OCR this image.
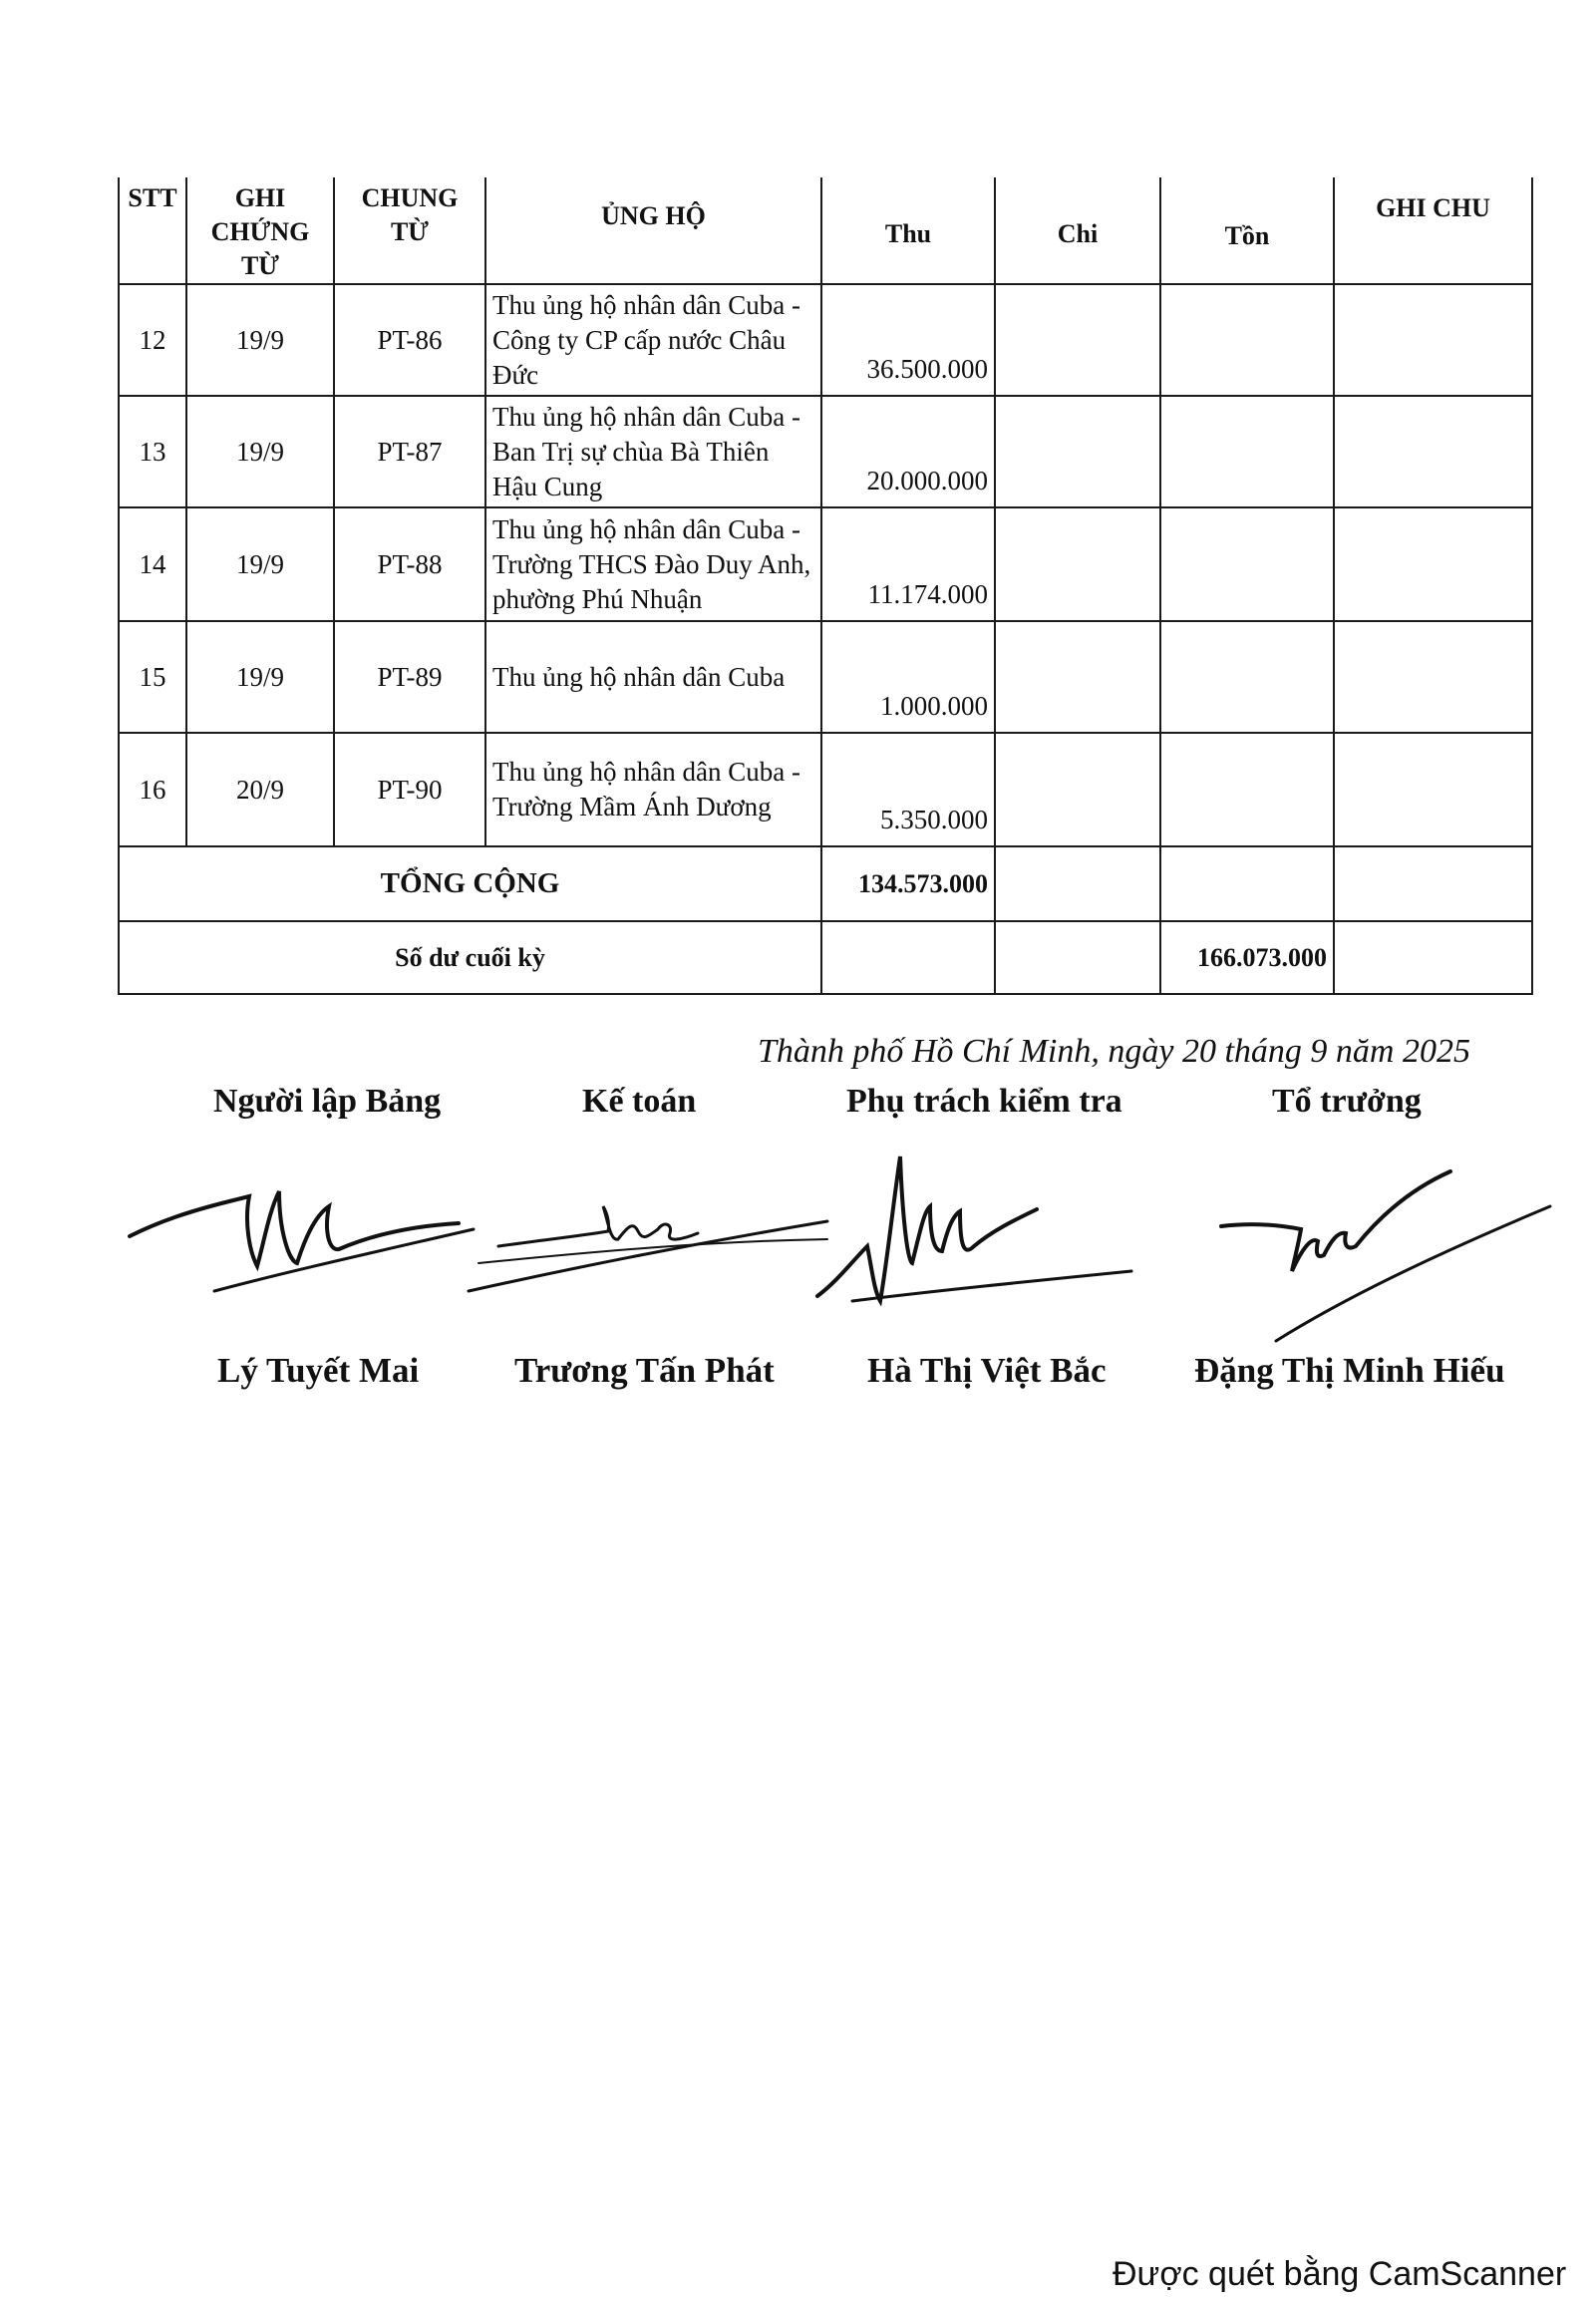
STT	GHI CHỨNG TỪ	CHUNG TỪ	ỦNG HỘ	Thu	Chi	Tồn	GHI CHU
12	19/9	PT-86	Thu ủng hộ nhân dân Cuba - Công ty CP cấp nước Châu Đức	36.500.000			
13	19/9	PT-87	Thu ủng hộ nhân dân Cuba - Ban Trị sự chùa Bà Thiên Hậu Cung	20.000.000			
14	19/9	PT-88	Thu ủng hộ nhân dân Cuba - Trường THCS Đào Duy Anh, phường Phú Nhuận	11.174.000			
15	19/9	PT-89	Thu ủng hộ nhân dân Cuba	1.000.000			
16	20/9	PT-90	Thu ủng hộ nhân dân Cuba - Trường Mầm Ánh Dương	5.350.000			
TỔNG CỘNG				134.573.000			
Số dư cuối kỳ						166.073.000	
Thành phố Hồ Chí Minh, ngày 20 tháng 9 năm 2025
Người lập Bảng	Kế toán	Phụ trách kiểm tra	Tổ trưởng
Lý Tuyết Mai	Trương Tấn Phát	Hà Thị Việt Bắc	Đặng Thị Minh Hiếu
Được quét bằng CamScanner
